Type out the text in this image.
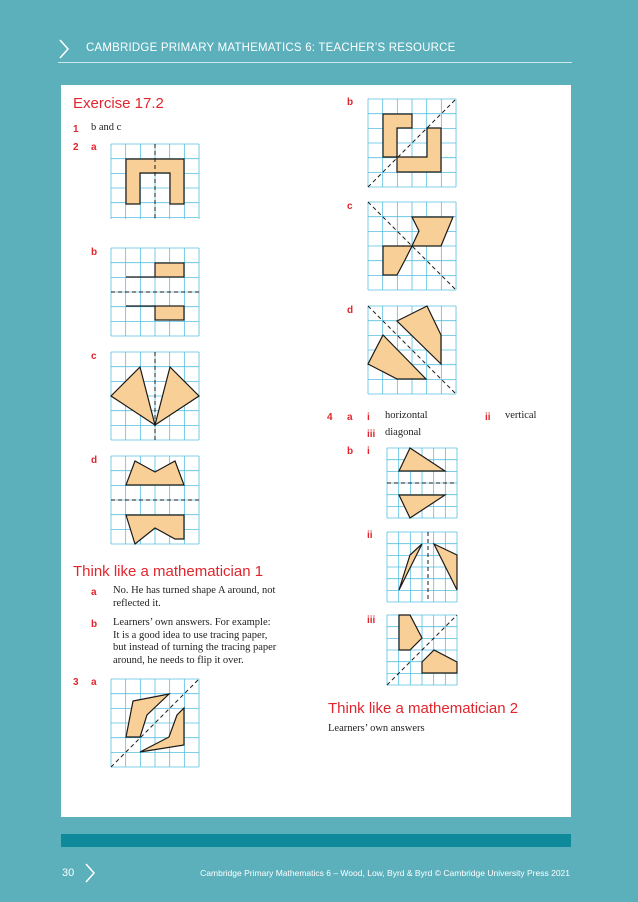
CAMBRIDGE PRIMARY MATHEMATICS 6: TEACHER’S RESOURCE
Exercise 17.2
1 b and c
2 a
b
c
d
Think like a mathematician 1
a No. He has turned shape A around, not
reflected it.
b Learners’ own answers. For example:
It is a good idea to use tracing paper,
but instead of turning the tracing paper
around, he needs to flip it over.
3 a
b
c
d
4 a i horizontal	ii vertical
iii diagonal
b i
ii
iii
Think like a mathematician 2
Learners’ own answers
30	Cambridge Primary Mathematics 6 – Wood, Low, Byrd & Byrd © Cambridge University Press 2021
